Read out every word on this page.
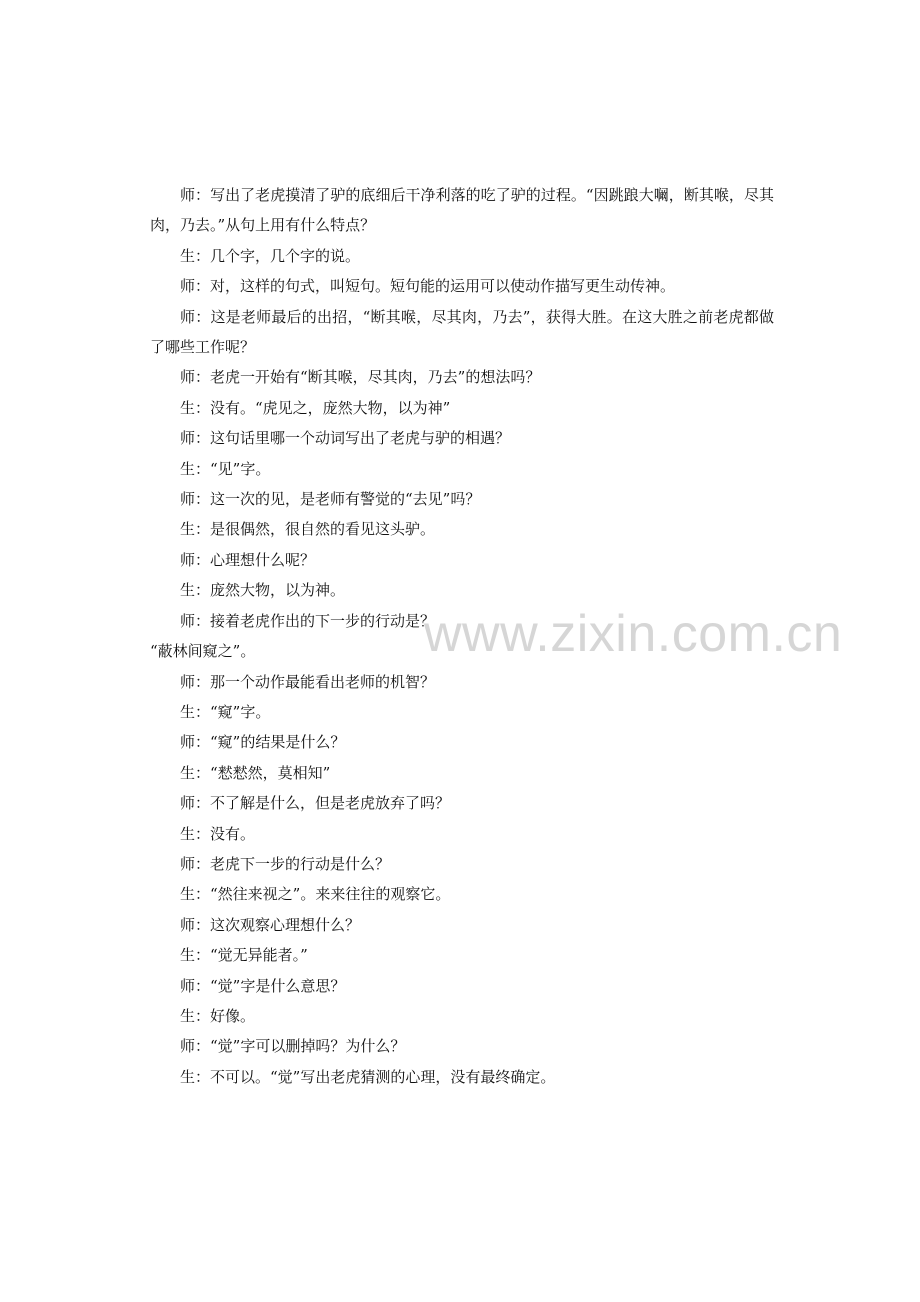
师：写出了老虎摸清了驴的底细后干净利落的吃了驴的过程。“因跳踉大㘎，断其喉，尽其肉，乃去。”从句上用有什么特点？

生：几个字，几个字的说。

师：对，这样的句式，叫短句。短句能的运用可以使动作描写更生动传神。

师：这是老师最后的出招，“断其喉，尽其肉，乃去”，获得大胜。在这大胜之前老虎都做了哪些工作呢？

师：老虎一开始有“断其喉，尽其肉，乃去”的想法吗？

生：没有。“虎见之，庞然大物，以为神”

师：这句话里哪一个动词写出了老虎与驴的相遇？

生：“见”字。

师：这一次的见，是老师有警觉的“去见”吗？

生：是很偶然，很自然的看见这头驴。

师：心理想什么呢？

生：庞然大物，以为神。

师：接着老虎作出的下一步的行动是？

“蔽林间窥之”。

师：那一个动作最能看出老师的机智？

生：“窥”字。

师：“窥”的结果是什么？

生：“慭慭然，莫相知”

师：不了解是什么，但是老虎放弃了吗？

生：没有。

师：老虎下一步的行动是什么？

生：“然往来视之”。来来往往的观察它。

师：这次观察心理想什么？

生：“觉无异能者。”

师：“觉”字是什么意思？

生：好像。

师：“觉”字可以删掉吗？为什么？

生：不可以。“觉”写出老虎猜测的心理，没有最终确定。

www.zixin.com.cn
